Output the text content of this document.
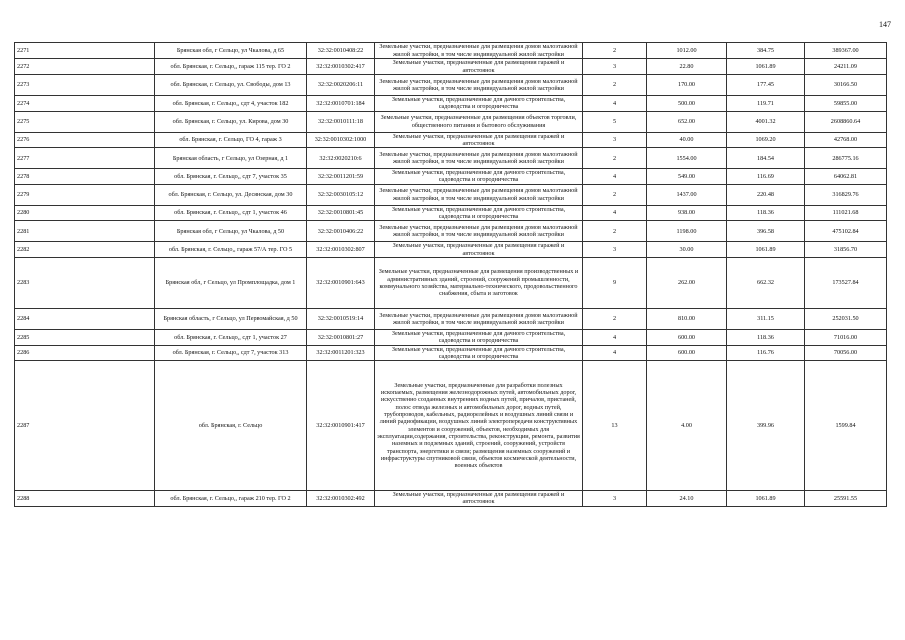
147
2271	Брянская обл, г Сельцо, ул Чкалова, д 65	32:32:0010408:22	Земельные участки, предназначенные для размещения домов малоэтажной жилой застройки, в том числе индивидуальной жилой застройки	2	1012.00	384.75	389367.00
2272	обл. Брянская, г. Сельцо,, гараж 115 тер. ГО 2	32:32:0010302:417	Земельные участки, предназначенные для размещения гаражей и автостоянок	3	22.80	1061.89	24211.09
2273	обл. Брянская, г. Сельцо, ул. Свободы, дом 13	32:32:0020206:11	Земельные участки, предназначенные для размещения домов малоэтажной жилой застройки, в том числе индивидуальной жилой застройки	2	170.00	177.45	30166.50
2274	обл. Брянская, г. Сельцо,, сдт 4, участок 182	32:32:0010701:184	Земельные участки, предназначенные для дачного строительства, садоводства и огородничества	4	500.00	119.71	59855.00
2275	обл. Брянская, г. Сельцо, ул. Кирова, дом 30	32:32:0010111:18	Земельные участки, предназначенные для размещения объектов торговли, общественного питания и бытового обслуживания	5	652.00	4001.32	2608860.64
2276	обл. Брянская, г. Сельцо, ГО 4, гараж 3	32:32:0010302:1000	Земельные участки, предназначенные для размещения гаражей и автостоянок	3	40.00	1069.20	42768.00
2277	Брянская область, г Сельцо, ул Озерная, д 1	32:32:0020210:6	Земельные участки, предназначенные для размещения домов малоэтажной жилой застройки, в том числе индивидуальной жилой застройки	2	1554.00	184.54	286775.16
2278	обл. Брянская, г. Сельцо,, сдт 7, участок 35	32:32:0011201:59	Земельные участки, предназначенные для дачного строительства, садоводства и огородничества	4	549.00	116.69	64062.81
2279	обл. Брянская, г. Сельцо, ул. Десянская, дом 30	32:32:0030105:12	Земельные участки, предназначенные для размещения домов малоэтажной жилой застройки, в том числе индивидуальной жилой застройки	2	1437.00	220.48	316829.76
2280	обл. Брянская, г. Сельцо,, сдт 1, участок 46	32:32:0010801:45	Земельные участки, предназначенные для дачного строительства, садоводства и огородничества	4	938.00	118.36	111021.68
2281	Брянская обл, г Сельцо, ул Чкалова, д 50	32:32:0010406:22	Земельные участки, предназначенные для размещения домов малоэтажной жилой застройки, в том числе индивидуальной жилой застройки	2	1198.00	396.58	475102.84
2282	обл. Брянская, г. Сельцо,, гараж 57/А тер. ГО 5	32:32:0010302:807	Земельные участки, предназначенные для размещения гаражей и автостоянок	3	30.00	1061.89	31856.70
2283	Брянская обл, г Сельцо, ул Промплощадка, дом 1	32:32:0010901:643	Земельные участки, предназначенные для размещения производственных и административных зданий, строений, сооружений промышленности, коммунального хозяйства, материально-технического, продовольственного снабжения, сбыта и заготовок	9	262.00	662.32	173527.84
2284	Брянская область, г Сельцо, ул Первомайская, д 50	32:32:0010519:14	Земельные участки, предназначенные для размещения домов малоэтажной жилой застройки, в том числе индивидуальной жилой застройки	2	810.00	311.15	252031.50
2285	обл. Брянская, г. Сельцо,, сдт 1, участок 27	32:32:0010801:27	Земельные участки, предназначенные для дачного строительства, садоводства и огородничества	4	600.00	118.36	71016.00
2286	обл. Брянская, г. Сельцо,, сдт 7, участок 313	32:32:0011201:323	Земельные участки, предназначенные для дачного строительства, садоводства и огородничества	4	600.00	116.76	70056.00
2287	обл. Брянская, г. Сельцо	32:32:0010901:417	Земельные участки, предназначенные для разработки полезных ископаемых, размещения железнодорожных путей, автомобильных дорог, искусственно созданных внутренних водных путей, причалов, пристаней, полос отвода железных и автомобильных дорог, водных путей, трубопроводов, кабельных, радиорелейных и воздушных линий связи и линий радиофикации, воздушных линий электропередачи конструктивных элементов и сооружений, объектов, необходимых для эксплуатации,содержания, строительства, реконструкции, ремонта, развития наземных и подземных зданий, строений, сооружений, устройств транспорта, энергетики и связи; размещения наземных сооружений и инфраструктуры спутниковой связи, объектов космической деятельности, военных объектов	13	4.00	399.96	1599.84
2288	обл. Брянская, г. Сельцо,, гараж 210 тер. ГО 2	32:32:0010302:492	Земельные участки, предназначенные для размещения гаражей и автостоянок	3	24.10	1061.89	25591.55
